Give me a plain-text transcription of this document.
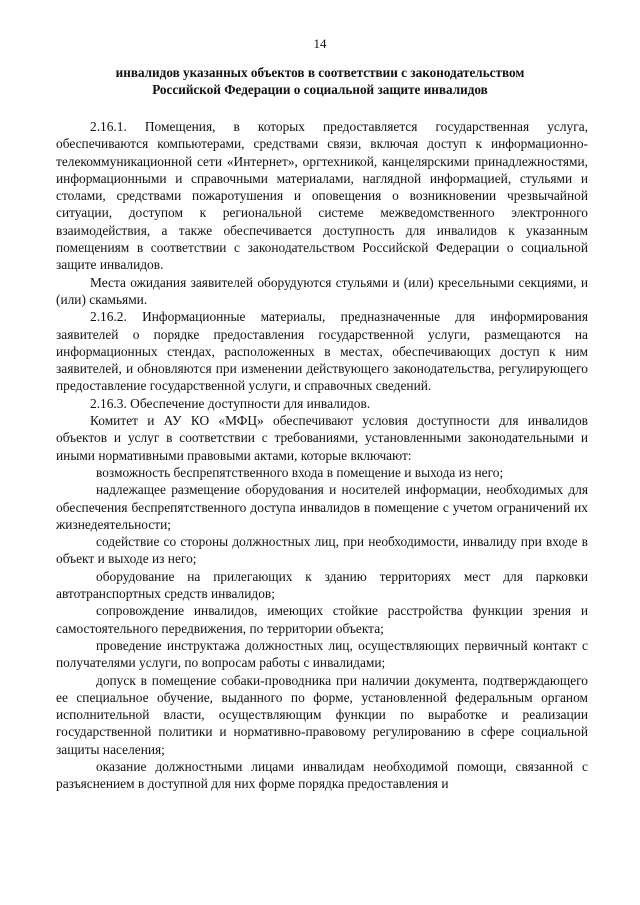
14
инвалидов указанных объектов в соответствии с законодательством
Российской Федерации о социальной защите инвалидов

2.16.1. Помещения, в которых предоставляется государственная услуга, обеспечиваются компьютерами, средствами связи, включая доступ к информационно-телекоммуникационной сети «Интернет», оргтехникой, канцелярскими принадлежностями, информационными и справочными материалами, наглядной информацией, стульями и столами, средствами пожаротушения и оповещения о возникновении чрезвычайной ситуации, доступом к региональной системе межведомственного электронного взаимодействия, а также обеспечивается доступность для инвалидов к указанным помещениям в соответствии с законодательством Российской Федерации о социальной защите инвалидов.

Места ожидания заявителей оборудуются стульями и (или) кресельными секциями, и (или) скамьями.

2.16.2. Информационные материалы, предназначенные для информирования заявителей о порядке предоставления государственной услуги, размещаются на информационных стендах, расположенных в местах, обеспечивающих доступ к ним заявителей, и обновляются при изменении действующего законодательства, регулирующего предоставление государственной услуги, и справочных сведений.

2.16.3. Обеспечение доступности для инвалидов.

Комитет и АУ КО «МФЦ» обеспечивают условия доступности для инвалидов объектов и услуг в соответствии с требованиями, установленными законодательными и иными нормативными правовыми актами, которые включают:

возможность беспрепятственного входа в помещение и выхода из него;

надлежащее размещение оборудования и носителей информации, необходимых для обеспечения беспрепятственного доступа инвалидов в помещение с учетом ограничений их жизнедеятельности;

содействие со стороны должностных лиц, при необходимости, инвалиду при входе в объект и выходе из него;

оборудование на прилегающих к зданию территориях мест для парковки автотранспортных средств инвалидов;

сопровождение инвалидов, имеющих стойкие расстройства функции зрения и самостоятельного передвижения, по территории объекта;

проведение инструктажа должностных лиц, осуществляющих первичный контакт с получателями услуги, по вопросам работы с инвалидами;

допуск в помещение собаки-проводника при наличии документа, подтверждающего ее специальное обучение, выданного по форме, установленной федеральным органом исполнительной власти, осуществляющим функции по выработке и реализации государственной политики и нормативно-правовому регулированию в сфере социальной защиты населения;

оказание должностными лицами инвалидам необходимой помощи, связанной с разъяснением в доступной для них форме порядка предоставления и
